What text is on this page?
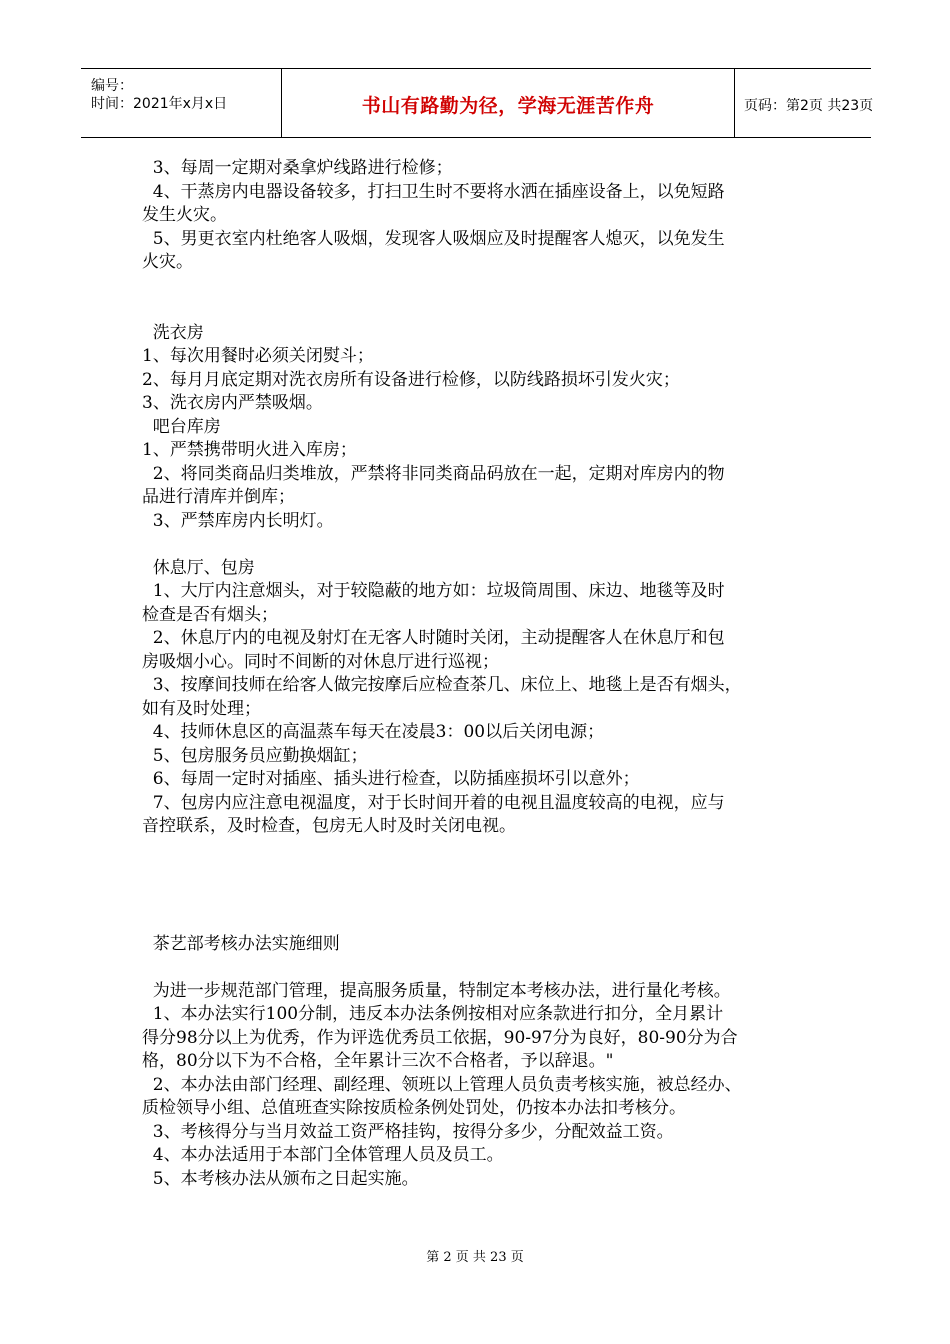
编号：
时间：2021年x月x日	书山有路勤为径，学海无涯苦作舟	页码：第2页 共23页
3、每周一定期对桑拿炉线路进行检修；
4、干蒸房内电器设备较多，打扫卫生时不要将水洒在插座设备上，以免短路
发生火灾。
5、男更衣室内杜绝客人吸烟，发现客人吸烟应及时提醒客人熄灭，以免发生
火灾。
洗衣房
1、每次用餐时必须关闭熨斗；
2、每月月底定期对洗衣房所有设备进行检修，以防线路损坏引发火灾；
3、洗衣房内严禁吸烟。
吧台库房
1、严禁携带明火进入库房；
2、将同类商品归类堆放，严禁将非同类商品码放在一起，定期对库房内的物
品进行清库并倒库；
3、严禁库房内长明灯。
休息厅、包房
1、大厅内注意烟头，对于较隐蔽的地方如：垃圾筒周围、床边、地毯等及时
检查是否有烟头；
2、休息厅内的电视及射灯在无客人时随时关闭，主动提醒客人在休息厅和包
房吸烟小心。同时不间断的对休息厅进行巡视；
3、按摩间技师在给客人做完按摩后应检查茶几、床位上、地毯上是否有烟头，
如有及时处理；
4、技师休息区的高温蒸车每天在凌晨3：00以后关闭电源；
5、包房服务员应勤换烟缸；
6、每周一定时对插座、插头进行检查，以防插座损坏引以意外；
7、包房内应注意电视温度，对于长时间开着的电视且温度较高的电视，应与
音控联系，及时检查，包房无人时及时关闭电视。
茶艺部考核办法实施细则
为进一步规范部门管理，提高服务质量，特制定本考核办法，进行量化考核。
1、本办法实行100分制，违反本办法条例按相对应条款进行扣分，全月累计
得分98分以上为优秀，作为评选优秀员工依据，90-97分为良好，80-90分为合
格，80分以下为不合格，全年累计三次不合格者，予以辞退。"
2、本办法由部门经理、副经理、领班以上管理人员负责考核实施，被总经办、
质检领导小组、总值班查实除按质检条例处罚处，仍按本办法扣考核分。
3、考核得分与当月效益工资严格挂钩，按得分多少，分配效益工资。
4、本办法适用于本部门全体管理人员及员工。
5、本考核办法从颁布之日起实施。
第 2 页 共 23 页
